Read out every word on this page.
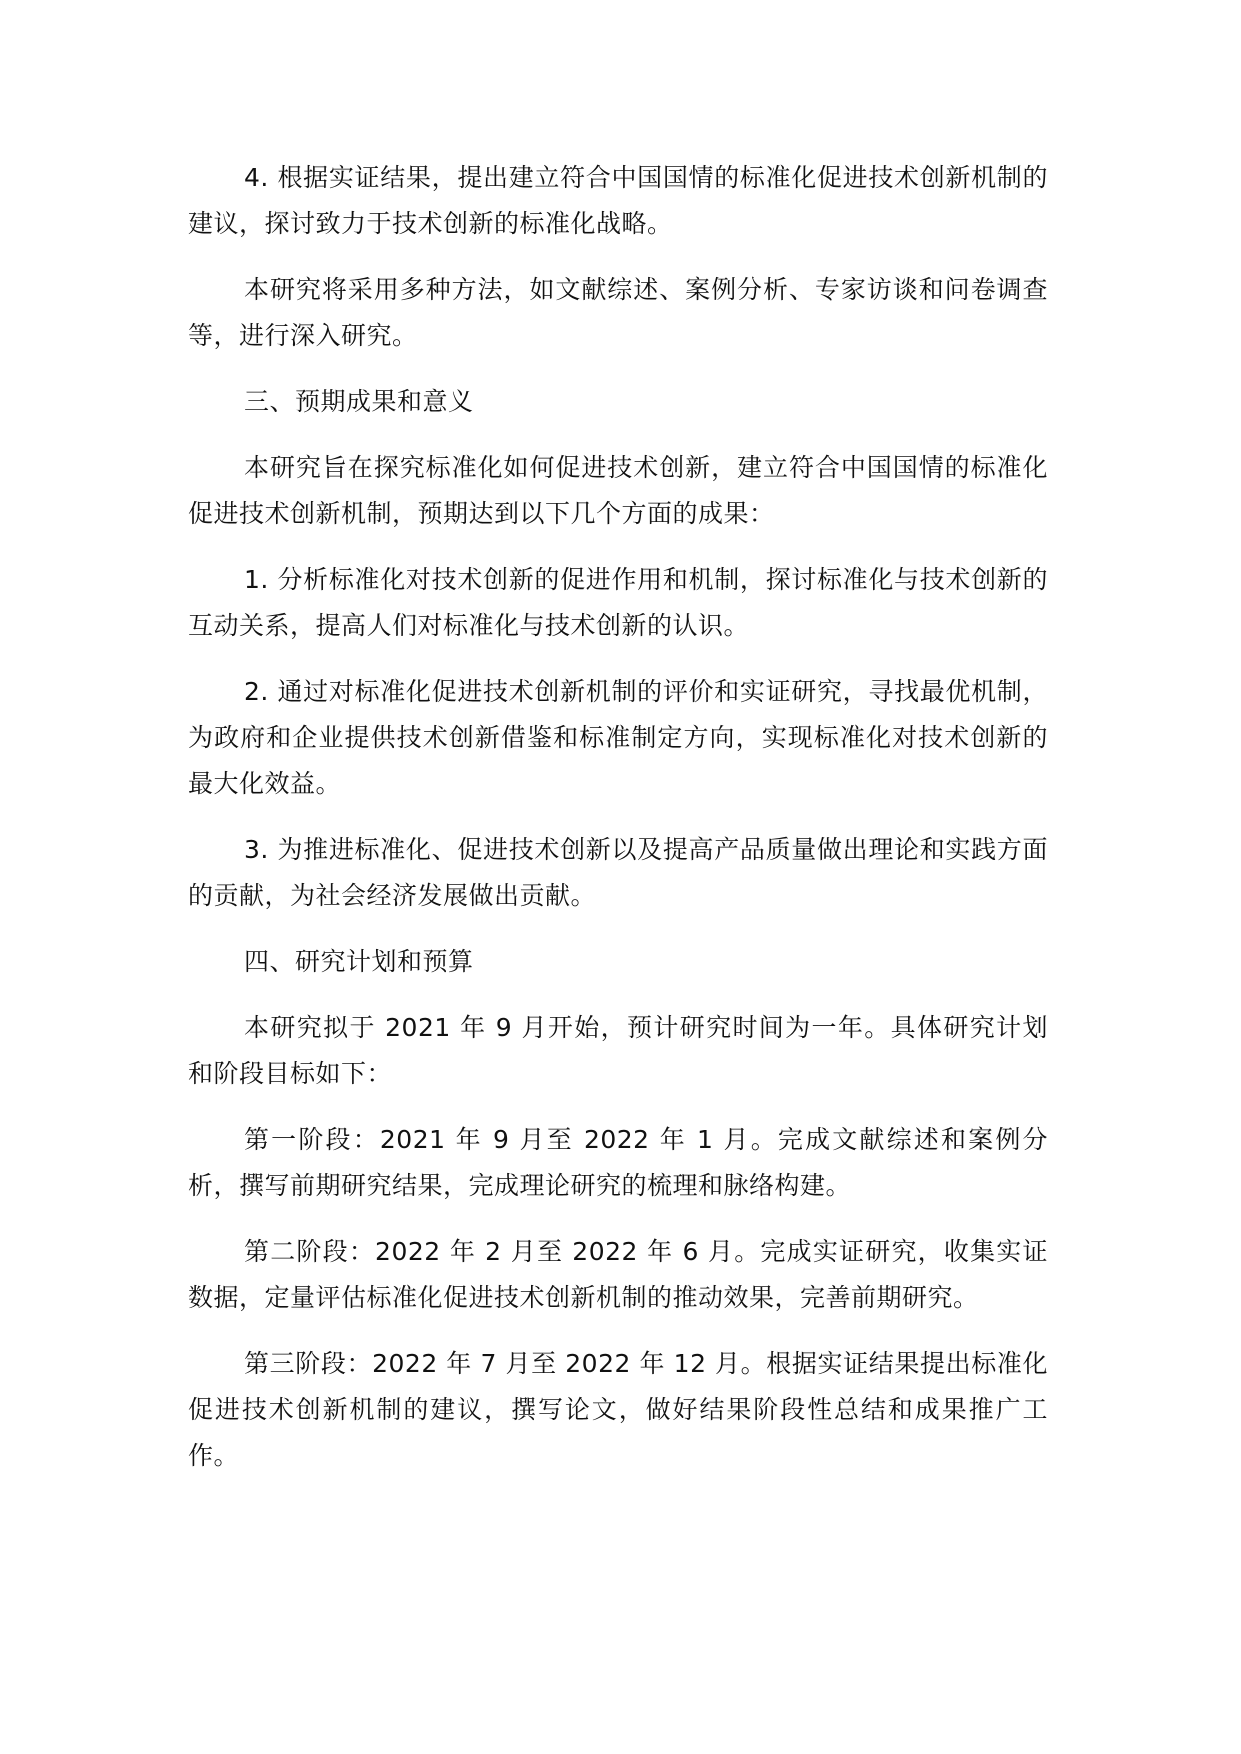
4. 根据实证结果，提出建立符合中国国情的标准化促进技术创新机制的建议，探讨致力于技术创新的标准化战略。

本研究将采用多种方法，如文献综述、案例分析、专家访谈和问卷调查等，进行深入研究。

三、预期成果和意义

本研究旨在探究标准化如何促进技术创新，建立符合中国国情的标准化促进技术创新机制，预期达到以下几个方面的成果：

1. 分析标准化对技术创新的促进作用和机制，探讨标准化与技术创新的互动关系，提高人们对标准化与技术创新的认识。

2. 通过对标准化促进技术创新机制的评价和实证研究，寻找最优机制，为政府和企业提供技术创新借鉴和标准制定方向，实现标准化对技术创新的最大化效益。

3. 为推进标准化、促进技术创新以及提高产品质量做出理论和实践方面的贡献，为社会经济发展做出贡献。

四、研究计划和预算

本研究拟于 2021 年 9 月开始，预计研究时间为一年。具体研究计划和阶段目标如下：

第一阶段：2021 年 9 月至 2022 年 1 月。完成文献综述和案例分析，撰写前期研究结果，完成理论研究的梳理和脉络构建。

第二阶段：2022 年 2 月至 2022 年 6 月。完成实证研究，收集实证数据，定量评估标准化促进技术创新机制的推动效果，完善前期研究。

第三阶段：2022 年 7 月至 2022 年 12 月。根据实证结果提出标准化促进技术创新机制的建议，撰写论文，做好结果阶段性总结和成果推广工作。
